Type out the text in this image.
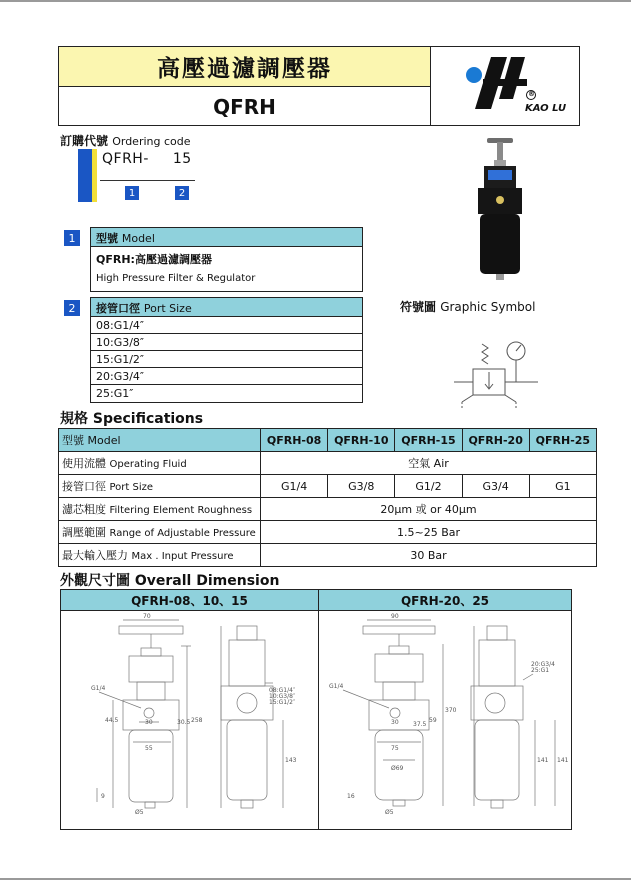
高壓過濾調壓器
QFRH
®
KAO LU
訂購代號 Ordering code
QFRH- 15
1	2
1	型號 Model
QFRH:高壓過濾調壓器
High Pressure Filter & Regulator
2	接管口徑 Port Size
08:G1/4″
10:G3/8″
15:G1/2″
20:G3/4″
25:G1″
符號圖 Graphic Symbol
規格 Specifications
型號 Model	QFRH-08	QFRH-10	QFRH-15	QFRH-20	QFRH-25
使用流體 Operating Fluid	空氣 Air				
接管口徑 Port Size	G1/4	G3/8	G1/2	G3/4	G1
濾芯粗度 Filtering Element Roughness	20μm 或 or 40μm				
調壓範圍 Range of Adjustable Pressure	1.5~25 Bar				
最大輸入壓力 Max . Input Pressure	30 Bar				
外觀尺寸圖 Overall Dimension
QFRH-08、10、15	QFRH-20、25
70
G1/4
258
44.5	30.5
30
55
143
9
Ø5
08:G1/4″
10:G3/8″
15:G1/2″
90
G1/4
370
37.5
59
30
75
Ø69
141 141
16
Ø5
20:G3/4
25:G1
